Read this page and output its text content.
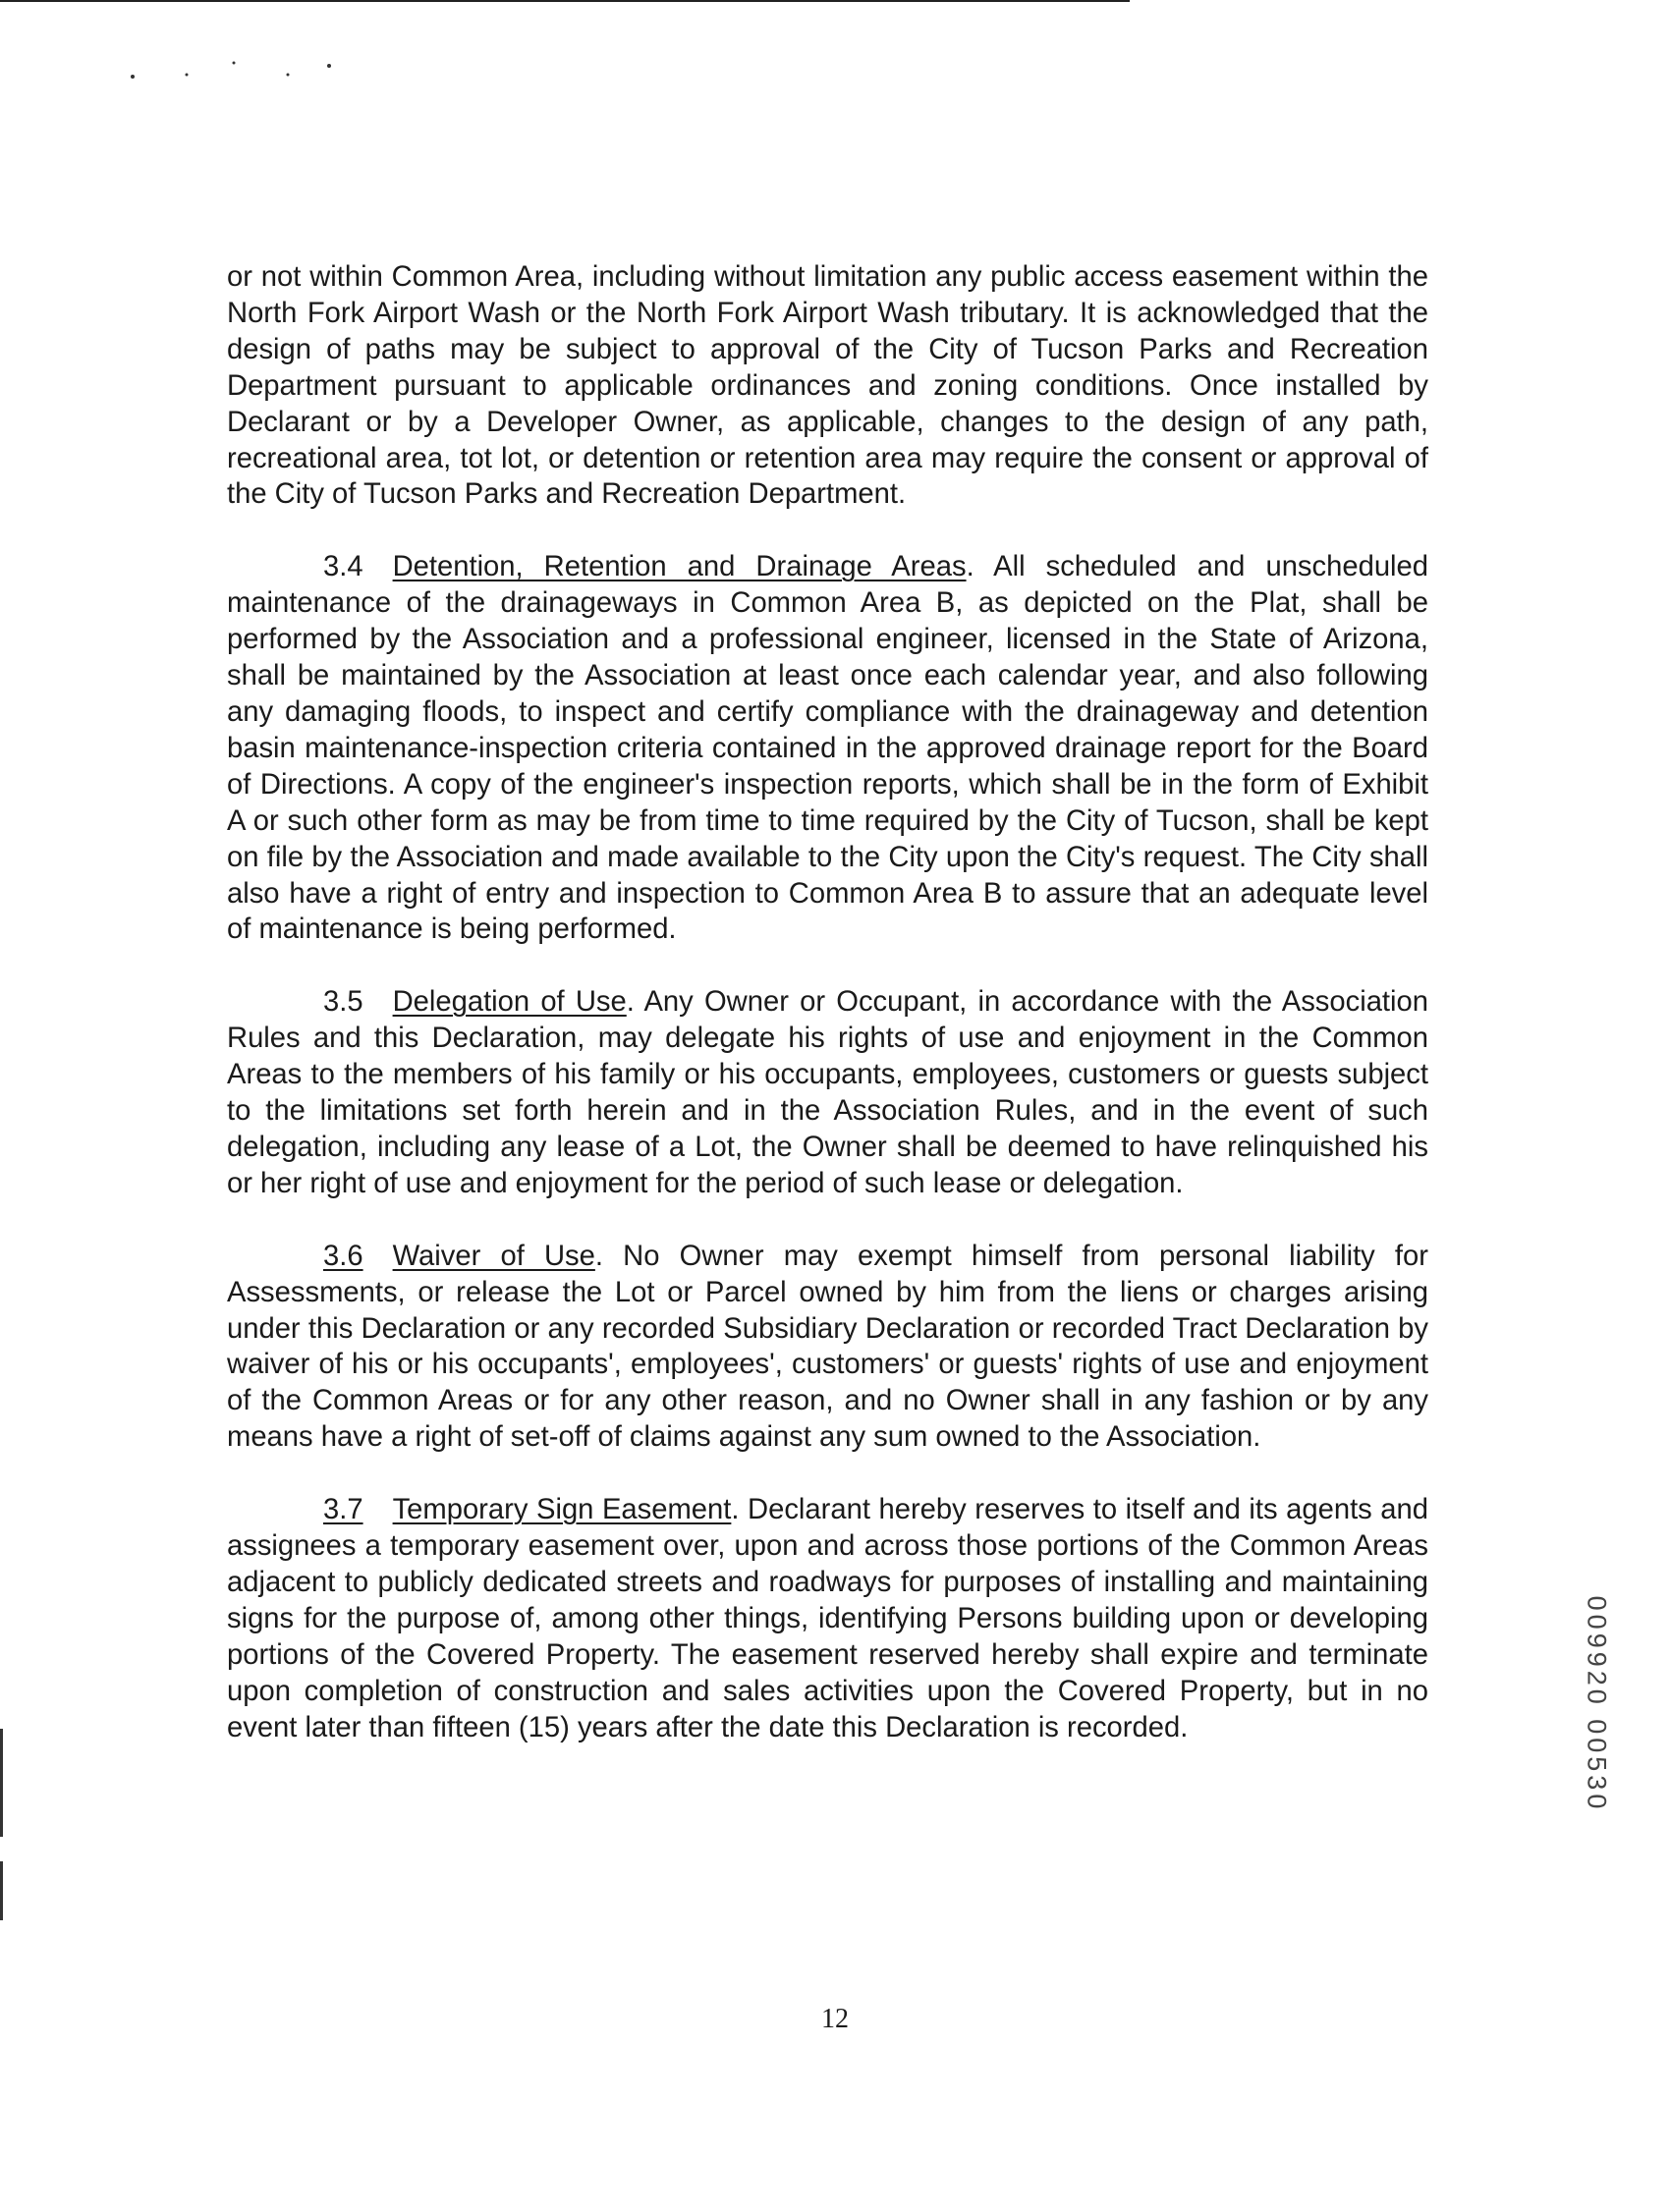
or not within Common Area, including without limitation any public access easement within the North Fork Airport Wash or the North Fork Airport Wash tributary. It is acknowledged that the design of paths may be subject to approval of the City of Tucson Parks and Recreation Department pursuant to applicable ordinances and zoning conditions. Once installed by Declarant or by a Developer Owner, as applicable, changes to the design of any path, recreational area, tot lot, or detention or retention area may require the consent or approval of the City of Tucson Parks and Recreation Department.

3.4 Detention, Retention and Drainage Areas. All scheduled and unscheduled maintenance of the drainageways in Common Area B, as depicted on the Plat, shall be performed by the Association and a professional engineer, licensed in the State of Arizona, shall be maintained by the Association at least once each calendar year, and also following any damaging floods, to inspect and certify compliance with the drainageway and detention basin maintenance-inspection criteria contained in the approved drainage report for the Board of Directions. A copy of the engineer's inspection reports, which shall be in the form of Exhibit A or such other form as may be from time to time required by the City of Tucson, shall be kept on file by the Association and made available to the City upon the City's request. The City shall also have a right of entry and inspection to Common Area B to assure that an adequate level of maintenance is being performed.

3.5 Delegation of Use. Any Owner or Occupant, in accordance with the Association Rules and this Declaration, may delegate his rights of use and enjoyment in the Common Areas to the members of his family or his occupants, employees, customers or guests subject to the limitations set forth herein and in the Association Rules, and in the event of such delegation, including any lease of a Lot, the Owner shall be deemed to have relinquished his or her right of use and enjoyment for the period of such lease or delegation.

3.6 Waiver of Use. No Owner may exempt himself from personal liability for Assessments, or release the Lot or Parcel owned by him from the liens or charges arising under this Declaration or any recorded Subsidiary Declaration or recorded Tract Declaration by waiver of his or his occupants', employees', customers' or guests' rights of use and enjoyment of the Common Areas or for any other reason, and no Owner shall in any fashion or by any means have a right of set-off of claims against any sum owned to the Association.

3.7 Temporary Sign Easement. Declarant hereby reserves to itself and its agents and assignees a temporary easement over, upon and across those portions of the Common Areas adjacent to publicly dedicated streets and roadways for purposes of installing and maintaining signs for the purpose of, among other things, identifying Persons building upon or developing portions of the Covered Property. The easement reserved hereby shall expire and terminate upon completion of construction and sales activities upon the Covered Property, but in no event later than fifteen (15) years after the date this Declaration is recorded.

12
009920 00530
